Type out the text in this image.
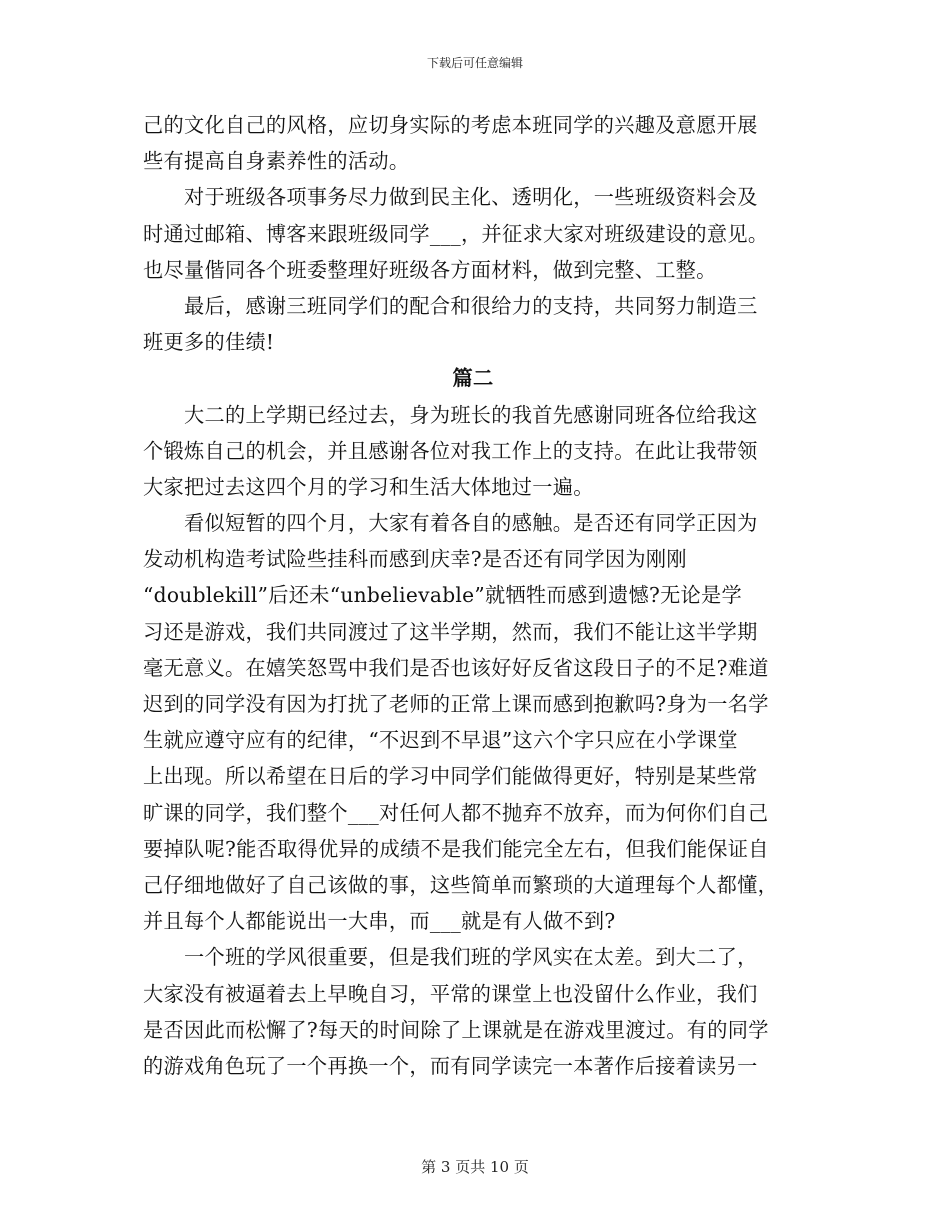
下载后可任意编辑
己的文化自己的风格，应切身实际的考虑本班同学的兴趣及意愿开展
些有提高自身素养性的活动。
　　对于班级各项事务尽力做到民主化、透明化，一些班级资料会及
时通过邮箱、博客来跟班级同学___，并征求大家对班级建设的意见。
也尽量偕同各个班委整理好班级各方面材料，做到完整、工整。
　　最后，感谢三班同学们的配合和很给力的支持，共同努力制造三
班更多的佳绩!
篇二
　　大二的上学期已经过去，身为班长的我首先感谢同班各位给我这
个锻炼自己的机会，并且感谢各位对我工作上的支持。在此让我带领
大家把过去这四个月的学习和生活大体地过一遍。
　　看似短暂的四个月，大家有着各自的感触。是否还有同学正因为
发动机构造考试险些挂科而感到庆幸?是否还有同学因为刚刚
“doublekill”后还未“unbelievable”就牺牲而感到遗憾?无论是学
习还是游戏，我们共同渡过了这半学期，然而，我们不能让这半学期
毫无意义。在嬉笑怒骂中我们是否也该好好反省这段日子的不足?难道
迟到的同学没有因为打扰了老师的正常上课而感到抱歉吗?身为一名学
生就应遵守应有的纪律，“不迟到不早退”这六个字只应在小学课堂
上出现。所以希望在日后的学习中同学们能做得更好，特别是某些常
旷课的同学，我们整个___对任何人都不抛弃不放弃，而为何你们自己
要掉队呢?能否取得优异的成绩不是我们能完全左右，但我们能保证自
己仔细地做好了自己该做的事，这些简单而繁琐的大道理每个人都懂，
并且每个人都能说出一大串，而___就是有人做不到?
　　一个班的学风很重要，但是我们班的学风实在太差。到大二了，
大家没有被逼着去上早晚自习，平常的课堂上也没留什么作业，我们
是否因此而松懈了?每天的时间除了上课就是在游戏里渡过。有的同学
的游戏角色玩了一个再换一个，而有同学读完一本著作后接着读另一
第 3 页共 10 页
